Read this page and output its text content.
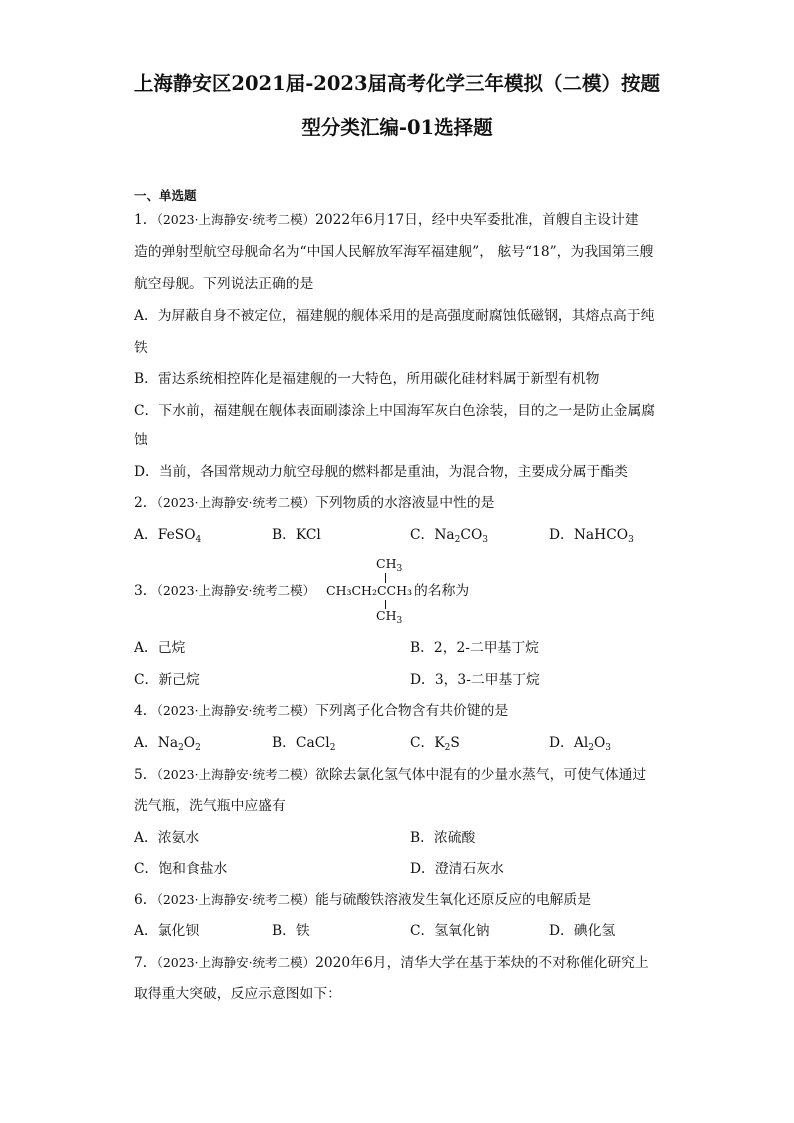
上海静安区2021届-2023届高考化学三年模拟（二模）按题
型分类汇编-01选择题
一、单选题
1．（2023·上海静安·统考二模）2022年6月17日，经中央军委批准，首艘自主设计建
造的弹射型航空母舰命名为“中国人民解放军海军福建舰”， 舷号“18”，为我国第三艘
航空母舰。下列说法正确的是
A．为屏蔽自身不被定位，福建舰的舰体采用的是高强度耐腐蚀低磁钢，其熔点高于纯
铁
B．雷达系统相控阵化是福建舰的一大特色，所用碳化硅材料属于新型有机物
C．下水前，福建舰在舰体表面刷漆涂上中国海军灰白色涂装，目的之一是防止金属腐
蚀
D．当前，各国常规动力航空母舰的燃料都是重油，为混合物，主要成分属于酯类
2．（2023·上海静安·统考二模）下列物质的水溶液显中性的是
A．FeSO$_4$	B．KCl	C．$Na_2CO_3$	D．NaHCO$_3$
3．（2023·上海静安·统考二模）
$CH_3$
CH₃CH₂CCH₃
$CH_3$
的名称为
A．己烷	B．2，2-二甲基丁烷
C．新己烷	D．3，3-二甲基丁烷
4．（2023·上海静安·统考二模）下列离子化合物含有共价键的是
A．$Na_2O_2$	B．CaCl$_2$	C．$K_2S$	D．$Al_2O_3$
5．（2023·上海静安·统考二模）欲除去氯化氢气体中混有的少量水蒸气，可使气体通过
洗气瓶，洗气瓶中应盛有
A．浓氨水	B．浓硫酸
C．饱和食盐水	D．澄清石灰水
6．（2023·上海静安·统考二模）能与硫酸铁溶液发生氧化还原反应的电解质是
A．氯化钡	B．铁	C．氢氧化钠	D．碘化氢
7．（2023·上海静安·统考二模）2020年6月，清华大学在基于苯炔的不对称催化研究上
取得重大突破，反应示意图如下：
